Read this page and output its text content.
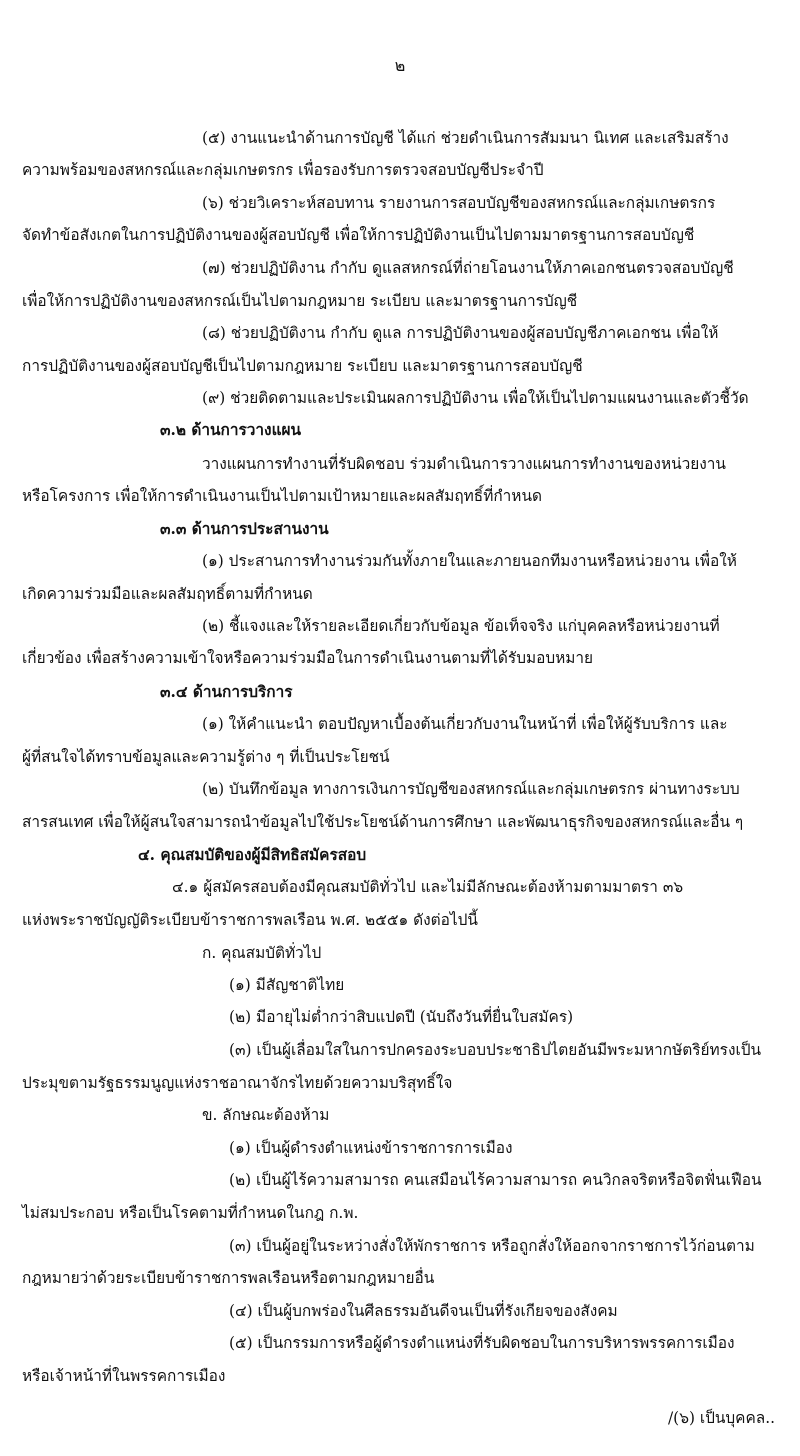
๒
(๕) งานแนะนำด้านการบัญชี ได้แก่ ช่วยดำเนินการสัมมนา นิเทศ และเสริมสร้าง
ความพร้อมของสหกรณ์และกลุ่มเกษตรกร เพื่อรองรับการตรวจสอบบัญชีประจำปี
(๖) ช่วยวิเคราะห์สอบทาน รายงานการสอบบัญชีของสหกรณ์และกลุ่มเกษตรกร
จัดทำข้อสังเกตในการปฏิบัติงานของผู้สอบบัญชี เพื่อให้การปฏิบัติงานเป็นไปตามมาตรฐานการสอบบัญชี
(๗) ช่วยปฏิบัติงาน กำกับ ดูแลสหกรณ์ที่ถ่ายโอนงานให้ภาคเอกชนตรวจสอบบัญชี
เพื่อให้การปฏิบัติงานของสหกรณ์เป็นไปตามกฎหมาย ระเบียบ และมาตรฐานการบัญชี
(๘) ช่วยปฏิบัติงาน กำกับ ดูแล การปฏิบัติงานของผู้สอบบัญชีภาคเอกชน เพื่อให้
การปฏิบัติงานของผู้สอบบัญชีเป็นไปตามกฎหมาย ระเบียบ และมาตรฐานการสอบบัญชี
(๙) ช่วยติดตามและประเมินผลการปฏิบัติงาน เพื่อให้เป็นไปตามแผนงานและตัวชี้วัด
๓.๒ ด้านการวางแผน
วางแผนการทำงานที่รับผิดชอบ ร่วมดำเนินการวางแผนการทำงานของหน่วยงาน
หรือโครงการ เพื่อให้การดำเนินงานเป็นไปตามเป้าหมายและผลสัมฤทธิ์ที่กำหนด
๓.๓ ด้านการประสานงาน
(๑) ประสานการทำงานร่วมกันทั้งภายในและภายนอกทีมงานหรือหน่วยงาน เพื่อให้
เกิดความร่วมมือและผลสัมฤทธิ์ตามที่กำหนด
(๒) ชี้แจงและให้รายละเอียดเกี่ยวกับข้อมูล ข้อเท็จจริง แก่บุคคลหรือหน่วยงานที่
เกี่ยวข้อง เพื่อสร้างความเข้าใจหรือความร่วมมือในการดำเนินงานตามที่ได้รับมอบหมาย
๓.๔ ด้านการบริการ
(๑) ให้คำแนะนำ ตอบปัญหาเบื้องต้นเกี่ยวกับงานในหน้าที่ เพื่อให้ผู้รับบริการ และ
ผู้ที่สนใจได้ทราบข้อมูลและความรู้ต่าง ๆ ที่เป็นประโยชน์
(๒) บันทึกข้อมูล ทางการเงินการบัญชีของสหกรณ์และกลุ่มเกษตรกร ผ่านทางระบบ
สารสนเทศ เพื่อให้ผู้สนใจสามารถนำข้อมูลไปใช้ประโยชน์ด้านการศึกษา และพัฒนาธุรกิจของสหกรณ์และอื่น ๆ
๔. คุณสมบัติของผู้มีสิทธิสมัครสอบ
๔.๑ ผู้สมัครสอบต้องมีคุณสมบัติทั่วไป และไม่มีลักษณะต้องห้ามตามมาตรา ๓๖
แห่งพระราชบัญญัติระเบียบข้าราชการพลเรือน พ.ศ. ๒๕๕๑ ดังต่อไปนี้
ก. คุณสมบัติทั่วไป
(๑) มีสัญชาติไทย
(๒) มีอายุไม่ต่ำกว่าสิบแปดปี (นับถึงวันที่ยื่นใบสมัคร)
(๓) เป็นผู้เลื่อมใสในการปกครองระบอบประชาธิปไตยอันมีพระมหากษัตริย์ทรงเป็น
ประมุขตามรัฐธรรมนูญแห่งราชอาณาจักรไทยด้วยความบริสุทธิ์ใจ
ข. ลักษณะต้องห้าม
(๑) เป็นผู้ดำรงตำแหน่งข้าราชการการเมือง
(๒) เป็นผู้ไร้ความสามารถ คนเสมือนไร้ความสามารถ คนวิกลจริตหรือจิตฟั่นเฟือน
ไม่สมประกอบ หรือเป็นโรคตามที่กำหนดในกฎ ก.พ.
(๓) เป็นผู้อยู่ในระหว่างสั่งให้พักราชการ หรือถูกสั่งให้ออกจากราชการไว้ก่อนตาม
กฎหมายว่าด้วยระเบียบข้าราชการพลเรือนหรือตามกฎหมายอื่น
(๔) เป็นผู้บกพร่องในศีลธรรมอันดีจนเป็นที่รังเกียจของสังคม
(๕) เป็นกรรมการหรือผู้ดำรงตำแหน่งที่รับผิดชอบในการบริหารพรรคการเมือง
หรือเจ้าหน้าที่ในพรรคการเมือง
/(๖) เป็นบุคคล..
